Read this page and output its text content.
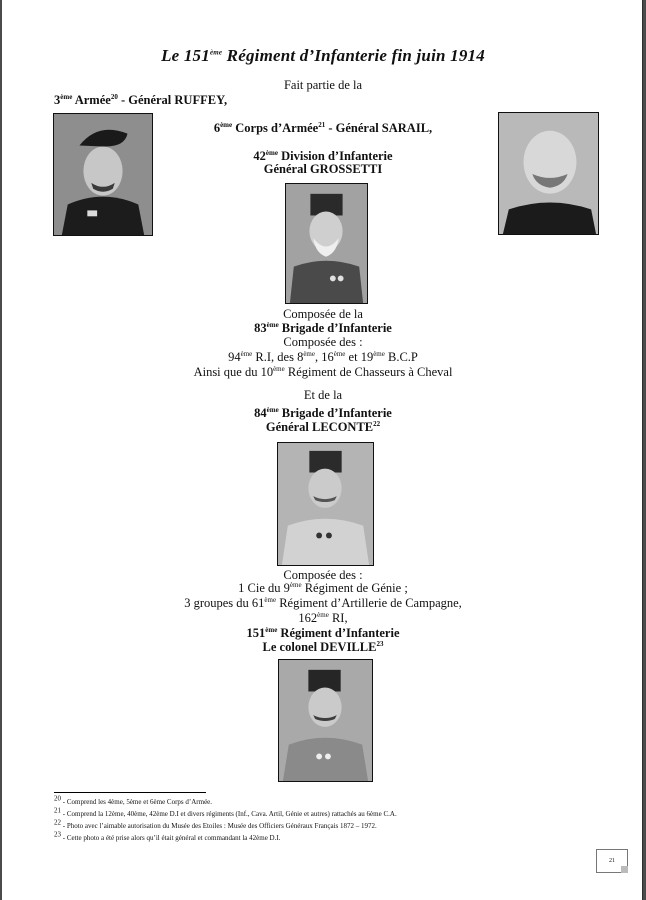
Le 151ème Régiment d’Infanterie fin juin 1914
Fait partie de la
3ème Armée$^{20}$ - Général RUFFEY,
6ème Corps d’Armée$^{21}$ - Général SARAIL,
42ème Division d’Infanterie
Général GROSSETTI
Composée de la
83ème Brigade d’Infanterie
Composée des :
94ème R.I, des 8ème, 16ème et 19ème B.C.P
Ainsi que du 10ème Régiment de Chasseurs à Cheval
Et de la
84ème Brigade d’Infanterie
Général LECONTE$^{22}$
Composée des :
1 Cie du 9ème Régiment de Génie ;
3 groupes du 61ème Régiment d’Artillerie de Campagne,
162ème RI,
151ème Régiment d’Infanterie
Le colonel DEVILLE$^{23}$
$^{20}$ - Comprend les 4ème, 5ème et 6ème Corps d’Armée.
$^{21}$ - Comprend la 12ème, 40ème, 42ème D.I et divers régiments (Inf., Cava. Artil, Génie et autres) rattachés au 6ème C.A.
$^{22}$ - Photo avec l’aimable autorisation du Musée des Etoiles : Musée des Officiers Généraux Français 1872 – 1972.
$^{23}$ - Cette photo a été prise alors qu’il était général et commandant la 42ème D.I.
21
